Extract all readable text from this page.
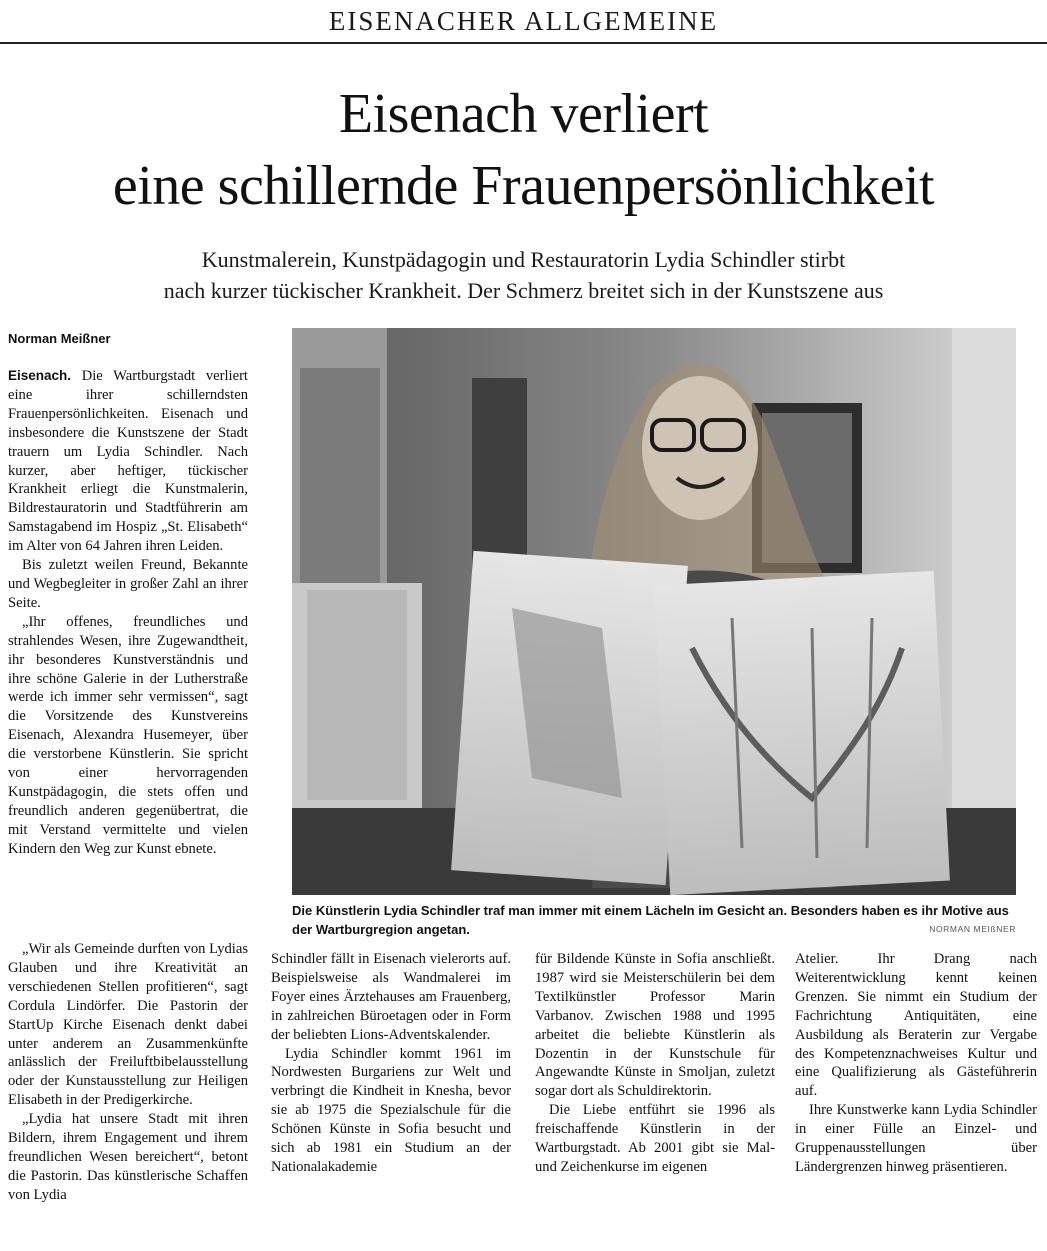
EISENACHER ALLGEMEINE
Eisenach verliert
eine schillernde Frauenpersönlichkeit
Kunstmalerein, Kunstpädagogin und Restauratorin Lydia Schindler stirbt
nach kurzer tückischer Krankheit. Der Schmerz breitet sich in der Kunstszene aus
Norman Meißner

Eisenach. Die Wartburgstadt verliert eine ihrer schillerndsten Frauenpersönlichkeiten. Eisenach und insbesondere die Kunstszene der Stadt trauern um Lydia Schindler. Nach kurzer, aber heftiger, tückischer Krankheit erliegt die Kunstmalerin, Bildrestauratorin und Stadtführerin am Samstagabend im Hospiz „St. Elisabeth“ im Alter von 64 Jahren ihren Leiden.

Bis zuletzt weilen Freund, Bekannte und Wegbegleiter in großer Zahl an ihrer Seite.

„Ihr offenes, freundliches und strahlendes Wesen, ihre Zugewandtheit, ihr besonderes Kunstverständnis und ihre schöne Galerie in der Lutherstraße werde ich immer sehr vermissen“, sagt die Vorsitzende des Kunstvereins Eisenach, Alexandra Husemeyer, über die verstorbene Künstlerin. Sie spricht von einer hervorragenden Kunstpädagogin, die stets offen und freundlich anderen gegenübertrat, die mit Verstand vermittelte und vielen Kindern den Weg zur Kunst ebnete.

„Wir als Gemeinde durften von Lydias Glauben und ihre Kreativität an verschiedenen Stellen profitieren“, sagt Cordula Lindörfer. Die Pastorin der StartUp Kirche Eisenach denkt dabei unter anderem an Zusammenkünfte anlässlich der Freiluftbibelausstellung oder der Kunstausstellung zur Heiligen Elisabeth in der Predigerkirche.

„Lydia hat unsere Stadt mit ihren Bildern, ihrem Engagement und ihrem freundlichen Wesen bereichert“, betont die Pastorin. Das künstlerische Schaffen von Lydia

Die Künstlerin Lydia Schindler traf man immer mit einem Lächeln im Gesicht an. Besonders haben es ihr Motive aus der Wartburgregion angetan.	NORMAN MEIßNER

Schindler fällt in Eisenach vielerorts auf. Beispielsweise als Wandmalerei im Foyer eines Ärztehauses am Frauenberg, in zahlreichen Büroetagen oder in Form der beliebten Lions-Adventskalender.

Lydia Schindler kommt 1961 im Nordwesten Burgariens zur Welt und verbringt die Kindheit in Knesha, bevor sie ab 1975 die Spezialschule für die Schönen Künste in Sofia besucht und sich ab 1981 ein Studium an der Nationalakademie

für Bildende Künste in Sofia anschließt. 1987 wird sie Meisterschülerin bei dem Textilkünstler Professor Marin Varbanov. Zwischen 1988 und 1995 arbeitet die beliebte Künstlerin als Dozentin in der Kunstschule für Angewandte Künste in Smoljan, zuletzt sogar dort als Schuldirektorin.

Die Liebe entführt sie 1996 als freischaffende Künstlerin in der Wartburgstadt. Ab 2001 gibt sie Mal- und Zeichenkurse im eigenen

Atelier. Ihr Drang nach Weiterentwicklung kennt keinen Grenzen. Sie nimmt ein Studium der Fachrichtung Antiquitäten, eine Ausbildung als Beraterin zur Vergabe des Kompetenznachweises Kultur und eine Qualifizierung als Gästeführerin auf.

Ihre Kunstwerke kann Lydia Schindler in einer Fülle an Einzel- und Gruppenausstellungen über Ländergrenzen hinweg präsentieren.
